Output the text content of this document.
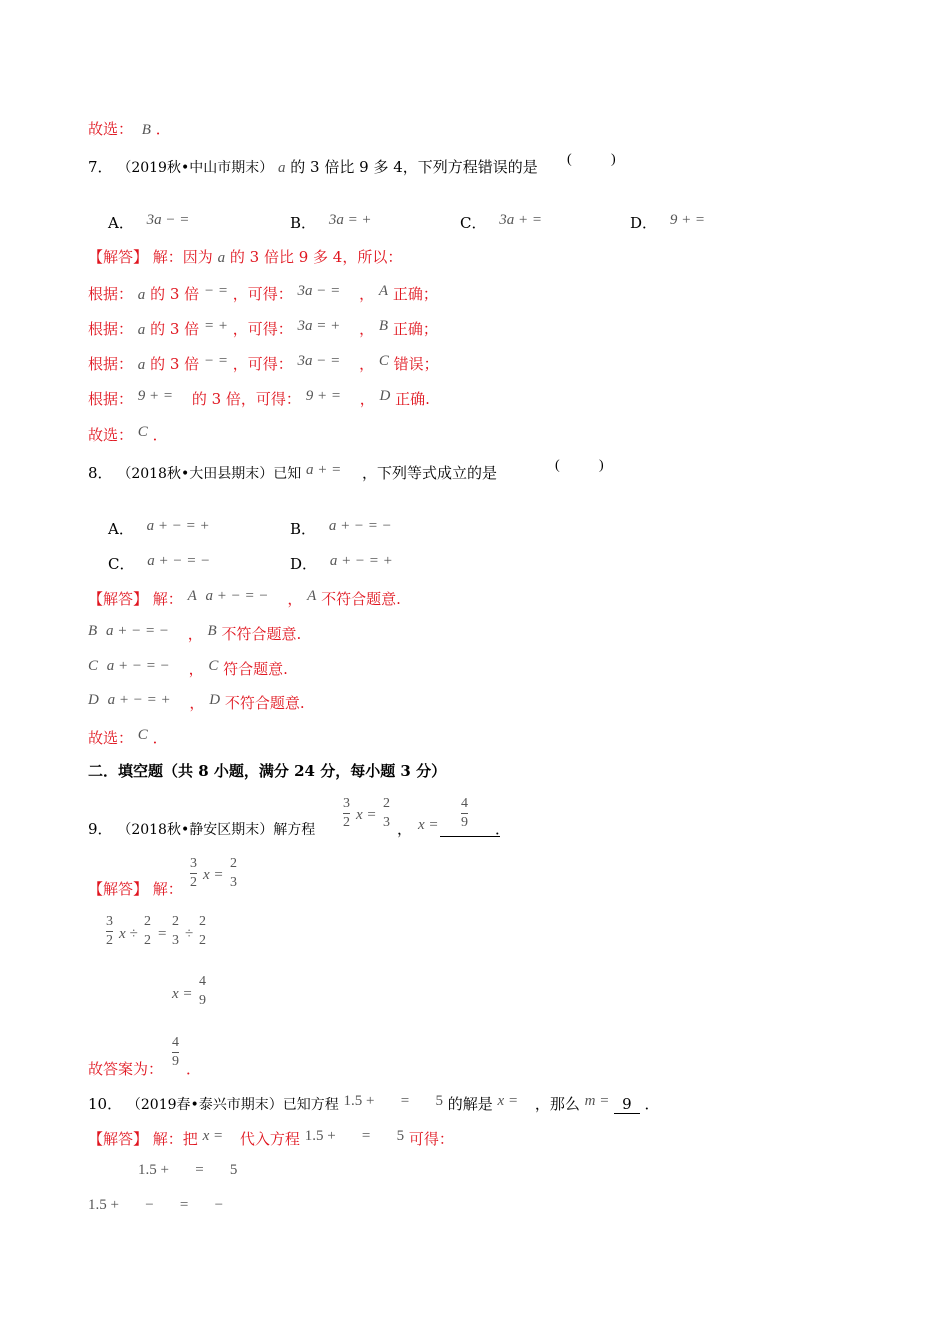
故选： B ．
7． （2019秋•中山市期末） a 的 3 倍比 9 多 4，下列方程错误的是 (	)
A． 3a − =	B． 3a = +	C． 3a + =	D． 9 + =
【解答】 解：因为 a 的 3 倍比 9 多 4，所以：
根据： a 的 3 倍 − = ，可得： 3a − = ， A 正确；
根据： a 的 3 倍 = + ，可得： 3a = + ， B 正确；
根据： a 的 3 倍 − = ，可得： 3a − = ， C 错误；
根据： 9 + = 的 3 倍，可得： 9 + = ， D 正确.
故选： C ．
8． （2018秋•大田县期末）已知 a + = ，下列等式成立的是	(	)
A． a + − = +	B． a + − = −
C． a + − = −	D． a + − = +
【解答】 解： A a + − = − ， A 不符合题意.
B a + − = − ， B 不符合题意.
C a + − = − ， C 符合题意.
D a + − = + ， D 不符合题意.
故选： C ．
二．填空题（共 8 小题，满分 24 分，每小题 3 分）
9． （2018秋•静安区期末）解方程
3
2 x =
2
3 ， x =
4
9 ．
【解答】 解：
3
2 x =
2
3
3
2 x ÷
2
2 =
2
3 ÷
2
2
x =
4
9
故答案为：
4
9 ．
10． （2019春•泰兴市期末）已知方程 1.5 +       =       5 的解是 x = ，那么 m = 9 ．
【解答】 解：把 x = 代入方程 1.5 +       =       5 可得：
1.5 +       =       5
1.5 +       −       =       −
